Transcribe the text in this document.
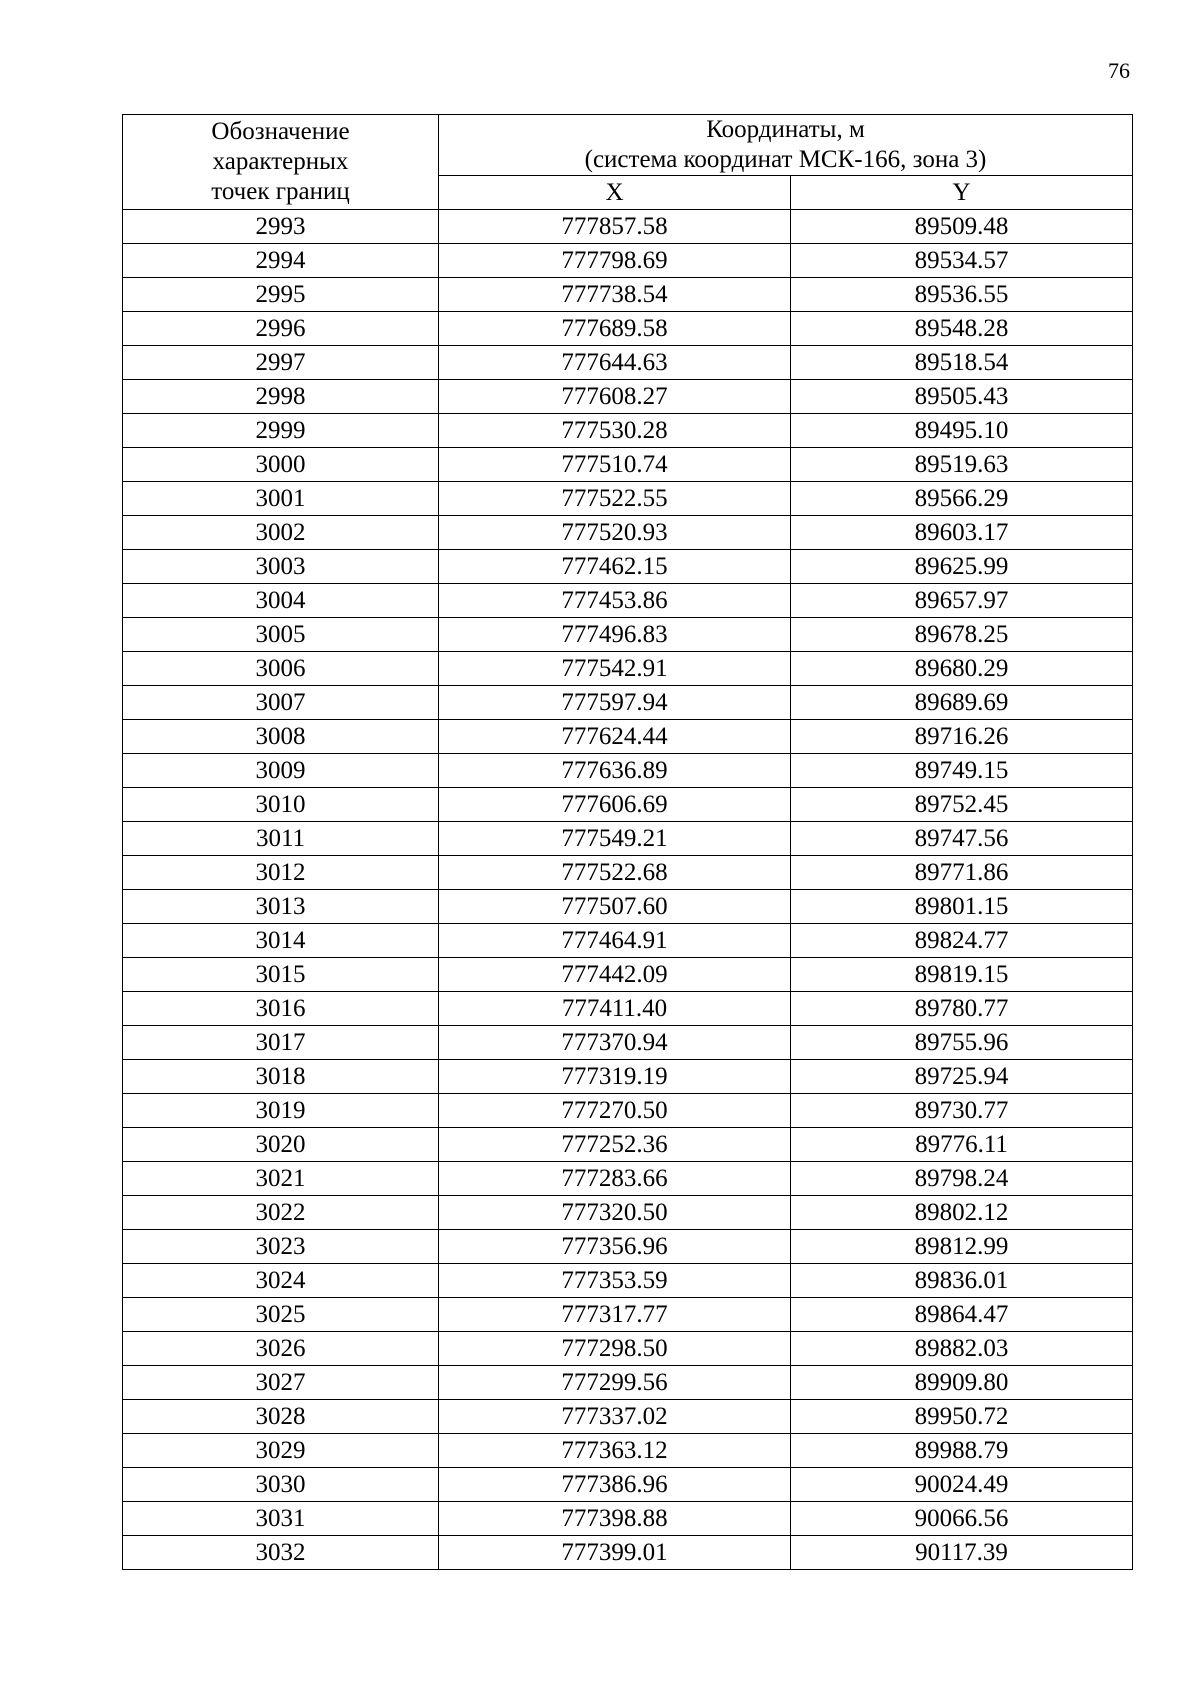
76
Обозначение
характерных
точек границ	Координаты, м
(система координат МСК-166, зона 3)	

	X	Y
2993	777857.58	89509.48
2994	777798.69	89534.57
2995	777738.54	89536.55
2996	777689.58	89548.28
2997	777644.63	89518.54
2998	777608.27	89505.43
2999	777530.28	89495.10
3000	777510.74	89519.63
3001	777522.55	89566.29
3002	777520.93	89603.17
3003	777462.15	89625.99
3004	777453.86	89657.97
3005	777496.83	89678.25
3006	777542.91	89680.29
3007	777597.94	89689.69
3008	777624.44	89716.26
3009	777636.89	89749.15
3010	777606.69	89752.45
3011	777549.21	89747.56
3012	777522.68	89771.86
3013	777507.60	89801.15
3014	777464.91	89824.77
3015	777442.09	89819.15
3016	777411.40	89780.77
3017	777370.94	89755.96
3018	777319.19	89725.94
3019	777270.50	89730.77
3020	777252.36	89776.11
3021	777283.66	89798.24
3022	777320.50	89802.12
3023	777356.96	89812.99
3024	777353.59	89836.01
3025	777317.77	89864.47
3026	777298.50	89882.03
3027	777299.56	89909.80
3028	777337.02	89950.72
3029	777363.12	89988.79
3030	777386.96	90024.49
3031	777398.88	90066.56
3032	777399.01	90117.39
